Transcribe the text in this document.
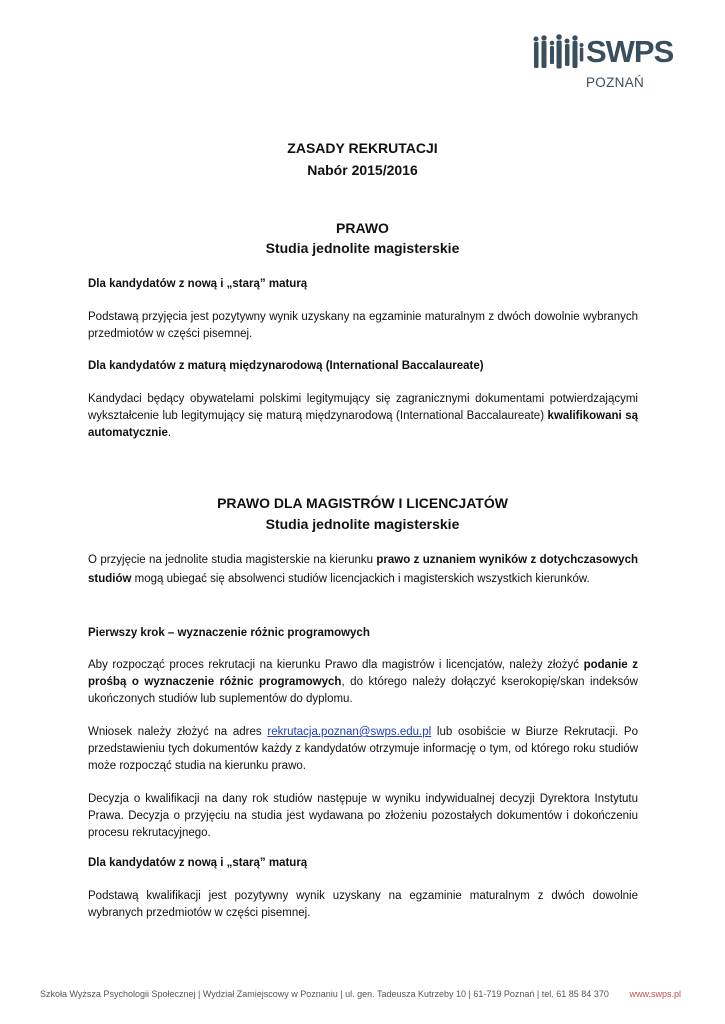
SWPS
POZNAŃ

ZASADY REKRUTACJI

Nabór 2015/2016

PRAWO

Studia jednolite magisterskie

Dla kandydatów z nową i „starą” maturą

Podstawą przyjęcia jest pozytywny wynik uzyskany na egzaminie maturalnym z dwóch dowolnie wybranych przedmiotów w części pisemnej.

Dla kandydatów z maturą międzynarodową (International Baccalaureate)

Kandydaci będący obywatelami polskimi legitymujący się zagranicznymi dokumentami potwierdzającymi wykształcenie lub legitymujący się maturą międzynarodową (International Baccalaureate) kwalifikowani są automatycznie.

PRAWO DLA MAGISTRÓW I LICENCJATÓW

Studia jednolite magisterskie

O przyjęcie na jednolite studia magisterskie na kierunku prawo z uznaniem wyników z dotychczasowych studiów mogą ubiegać się absolwenci studiów licencjackich i magisterskich wszystkich kierunków.

Pierwszy krok – wyznaczenie różnic programowych

Aby rozpocząć proces rekrutacji na kierunku Prawo dla magistrów i licencjatów, należy złożyć podanie z prośbą o wyznaczenie różnic programowych, do którego należy dołączyć kserokopię/skan indeksów ukończonych studiów lub suplementów do dyplomu.

Wniosek należy złożyć na adres rekrutacja.poznan@swps.edu.pl lub osobiście w Biurze Rekrutacji. Po przedstawieniu tych dokumentów każdy z kandydatów otrzymuje informację o tym, od którego roku studiów może rozpocząć studia na kierunku prawo.

Decyzja o kwalifikacji na dany rok studiów następuje w wyniku indywidualnej decyzji Dyrektora Instytutu Prawa. Decyzja o przyjęciu na studia jest wydawana po złożeniu pozostałych dokumentów i dokończeniu procesu rekrutacyjnego.

Dla kandydatów z nową i „starą” maturą

Podstawą kwalifikacji jest pozytywny wynik uzyskany na egzaminie maturalnym z dwóch dowolnie wybranych przedmiotów w części pisemnej.

Szkoła Wyższa Psychologii Społecznej | Wydział Zamiejscowy w Poznaniu | ul. gen. Tadeusza Kutrzeby 10 | 61-719 Poznań | tel. 61 85 84 370 www.swps.pl
